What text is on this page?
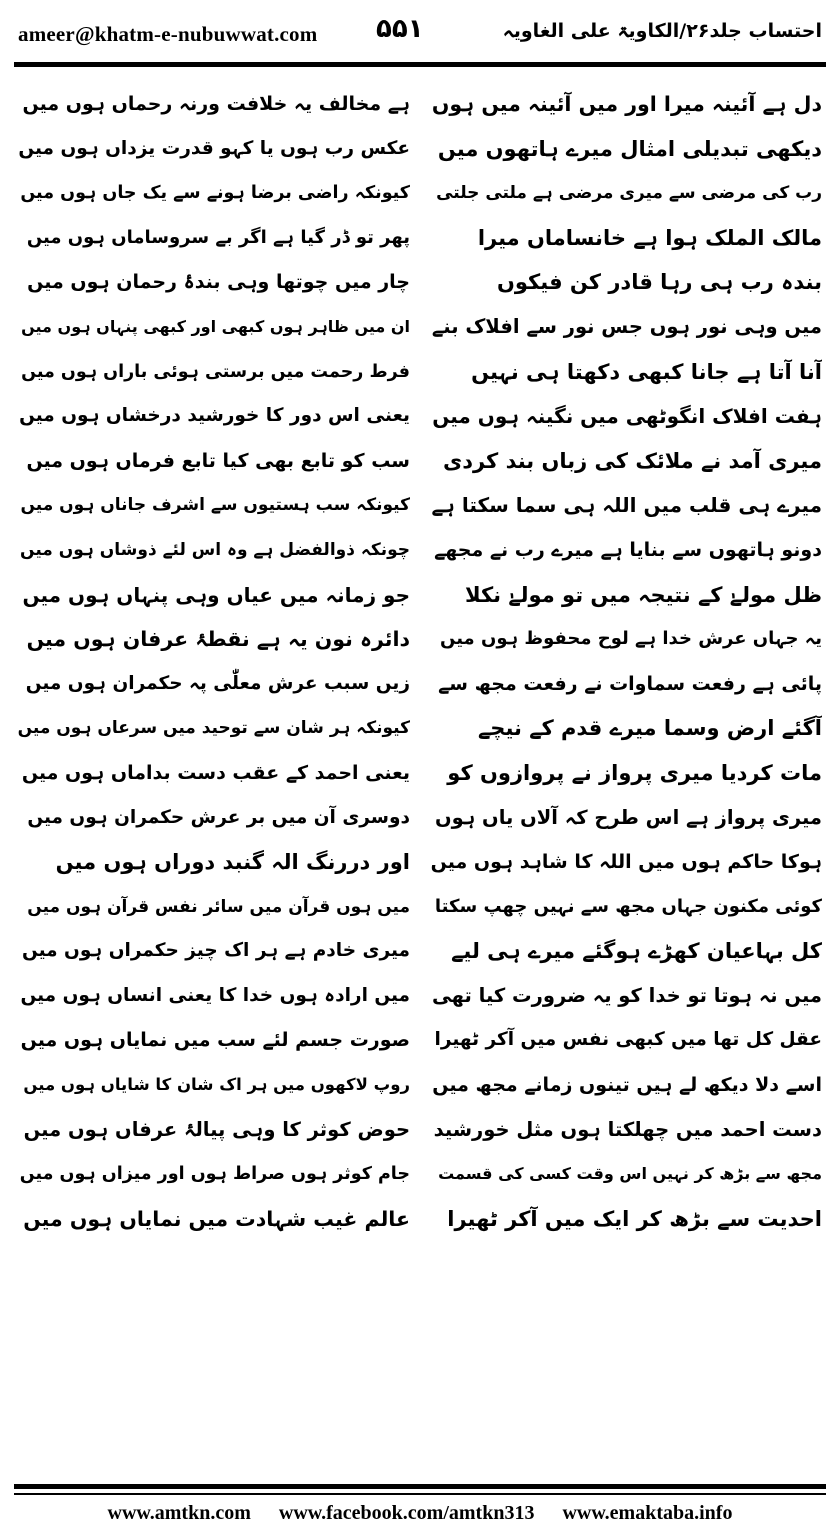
ameer@khatm-e-nubuwwat.com ۵۵۱	احتساب جلد۲۶/الکاویۃ علی الغاویہ
دل ہے آئینہ میرا اور میں آئینہ میں ہوں
دیکھی تبدیلی امثال میرے ہاتھوں میں
رب کی مرضی سے میری مرضی ہے ملتی جلتی
مالک الملک ہوا ہے خانساماں میرا
بندہ رب ہی رہا قادر کن فیکوں
میں وہی نور ہوں جس نور سے افلاک بنے
آنا آتا ہے جانا کبھی دکھتا ہی نہیں
ہفت افلاک انگوٹھی میں نگینہ ہوں میں
میری آمد نے ملائک کی زباں بند کردی
میرے ہی قلب میں اللہ ہی سما سکتا ہے
دونو ہاتھوں سے بنایا ہے میرے رب نے مجھے
ظل مولےٰ کے نتیجہ میں تو مولےٰ نکلا
یہ جہاں عرش خدا ہے لوح محفوظ ہوں میں
پائی ہے رفعت سماوات نے رفعت مجھ سے
آگئے ارض وسما میرے قدم کے نیچے
مات کردیا میری پرواز نے پروازوں کو
میری پرواز ہے اس طرح کہ آلاں یاں ہوں
ہوکا حاکم ہوں میں اللہ کا شاہد ہوں میں
کوئی مکنون جہاں مجھ سے نہیں چھپ سکتا
کل بہاعیان کھڑے ہوگئے میرے ہی لیے
میں نہ ہوتا تو خدا کو یہ ضرورت کیا تھی
عقل کل تھا میں کبھی نفس میں آکر ٹھیرا
اسے دلا دیکھ لے ہیں تینوں زمانے مجھ میں
دست احمد میں چھلکتا ہوں مثل خورشید
مجھ سے بڑھ کر نہیں اس وقت کسی کی قسمت
احدیت سے بڑھ کر ایک میں آکر ٹھیرا
ہے مخالف یہ خلافت ورنہ رحماں ہوں میں
عکس رب ہوں یا کہو قدرت یزداں ہوں میں
کیونکہ راضی برضا ہونے سے یک جاں ہوں میں
پھر تو ڈر گیا ہے اگر بے سروساماں ہوں میں
چار میں چوتھا وہی بندۂ رحمان ہوں میں
ان میں ظاہر ہوں کبھی اور کبھی پنہاں ہوں میں
فرط رحمت میں برستی ہوئی باراں ہوں میں
یعنی اس دور کا خورشید درخشاں ہوں میں
سب کو تابع بھی کیا تابع فرماں ہوں میں
کیونکہ سب ہستیوں سے اشرف جاناں ہوں میں
چونکہ ذوالفضل ہے وہ اس لئے ذوشاں ہوں میں
جو زمانہ میں عیاں وہی پنہاں ہوں میں
دائرہ نون یہ ہے نقطۂ عرفان ہوں میں
زیں سبب عرش معلّٰی پہ حکمران ہوں میں
کیونکہ ہر شان سے توحید میں سرعاں ہوں میں
یعنی احمد کے عقب دست بداماں ہوں میں
دوسری آن میں بر عرش حکمران ہوں میں
اور دررنگ الہ گنبد دوراں ہوں میں
میں ہوں قرآن میں سائر نفس قرآن ہوں میں
میری خادم ہے ہر اک چیز حکمراں ہوں میں
میں ارادہ ہوں خدا کا یعنی انساں ہوں میں
صورت جسم لئے سب میں نمایاں ہوں میں
روپ لاکھوں میں ہر اک شان کا شایاں ہوں میں
حوض کوثر کا وہی پیالۂ عرفاں ہوں میں
جام کوثر ہوں صراط ہوں اور میزاں ہوں میں
عالم غیب شہادت میں نمایاں ہوں میں
www.amtkn.com www.facebook.com/amtkn313 www.emaktaba.info
